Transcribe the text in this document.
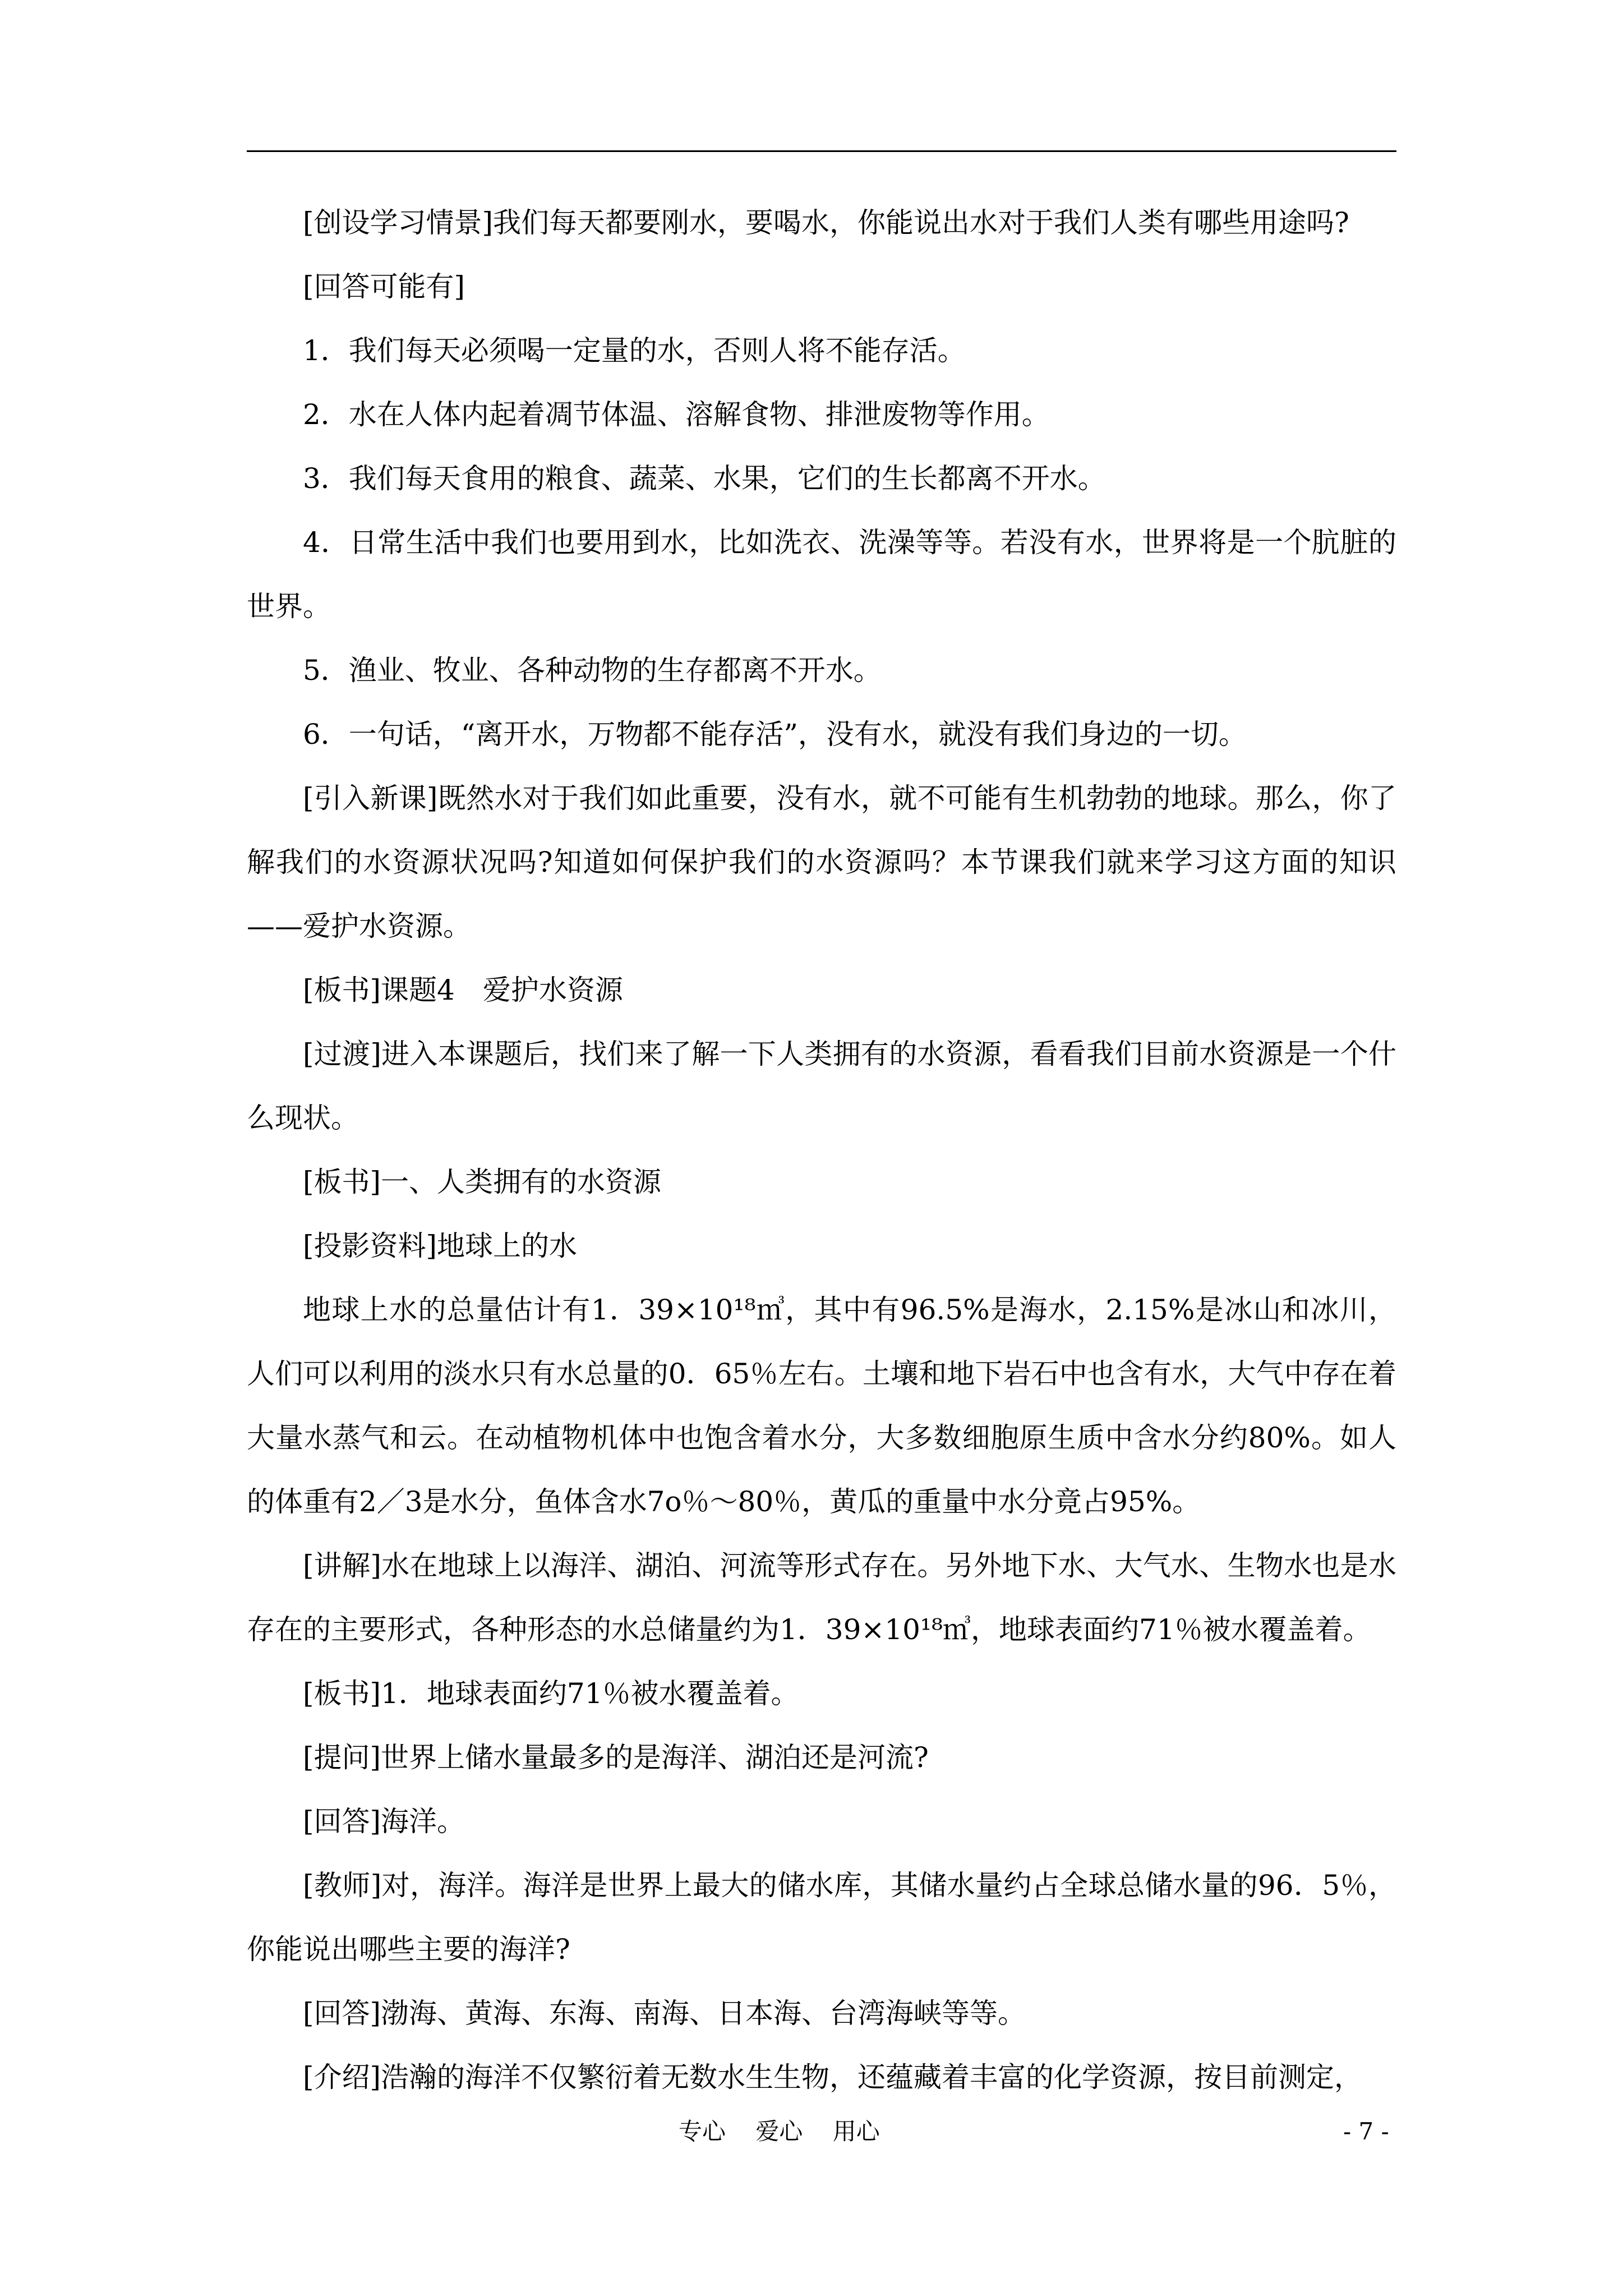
[创设学习情景]我们每天都要刚水，要喝水，你能说出水对于我们人类有哪些用途吗?

[回答可能有]

1．我们每天必须喝一定量的水，否则人将不能存活。

2．水在人体内起着凋节体温、溶解食物、排泄废物等作用。

3．我们每天食用的粮食、蔬菜、水果，它们的生长都离不开水。

4．日常生活中我们也要用到水，比如洗衣、洗澡等等。若没有水，世界将是一个肮脏的世界。

5．渔业、牧业、各种动物的生存都离不开水。

6．一句话，“离开水，万物都不能存活”，没有水，就没有我们身边的一切。

[引入新课]既然水对于我们如此重要，没有水，就不可能有生机勃勃的地球。那么，你了解我们的水资源状况吗?知道如何保护我们的水资源吗？本节课我们就来学习这方面的知识——爱护水资源。

[板书]课题4　爱护水资源

[过渡]进入本课题后，找们来了解一下人类拥有的水资源，看看我们目前水资源是一个什么现状。

[板书]一、人类拥有的水资源

[投影资料]地球上的水

地球上水的总量估计有1．39×10¹⁸㎥，其中有96.5%是海水，2.15%是冰山和冰川，人们可以利用的淡水只有水总量的0．65％左右。土壤和地下岩石中也含有水，大气中存在着大量水蒸气和云。在动植物机体中也饱含着水分，大多数细胞原生质中含水分约80%。如人的体重有2／3是水分，鱼体含水7o％～80％，黄瓜的重量中水分竟占95%。

[讲解]水在地球上以海洋、湖泊、河流等形式存在。另外地下水、大气水、生物水也是水存在的主要形式，各种形态的水总储量约为1．39×10¹⁸㎥，地球表面约71％被水覆盖着。

[板书]1．地球表面约71％被水覆盖着。

[提问]世界上储水量最多的是海洋、湖泊还是河流?

[回答]海洋。

[教师]对，海洋。海洋是世界上最大的储水库，其储水量约占全球总储水量的96．5％，你能说出哪些主要的海洋?

[回答]渤海、黄海、东海、南海、日本海、台湾海峡等等。

[介绍]浩瀚的海洋不仅繁衍着无数水生生物，还蕴藏着丰富的化学资源，按目前测定，

专心    爱心    用心	- 7 -
